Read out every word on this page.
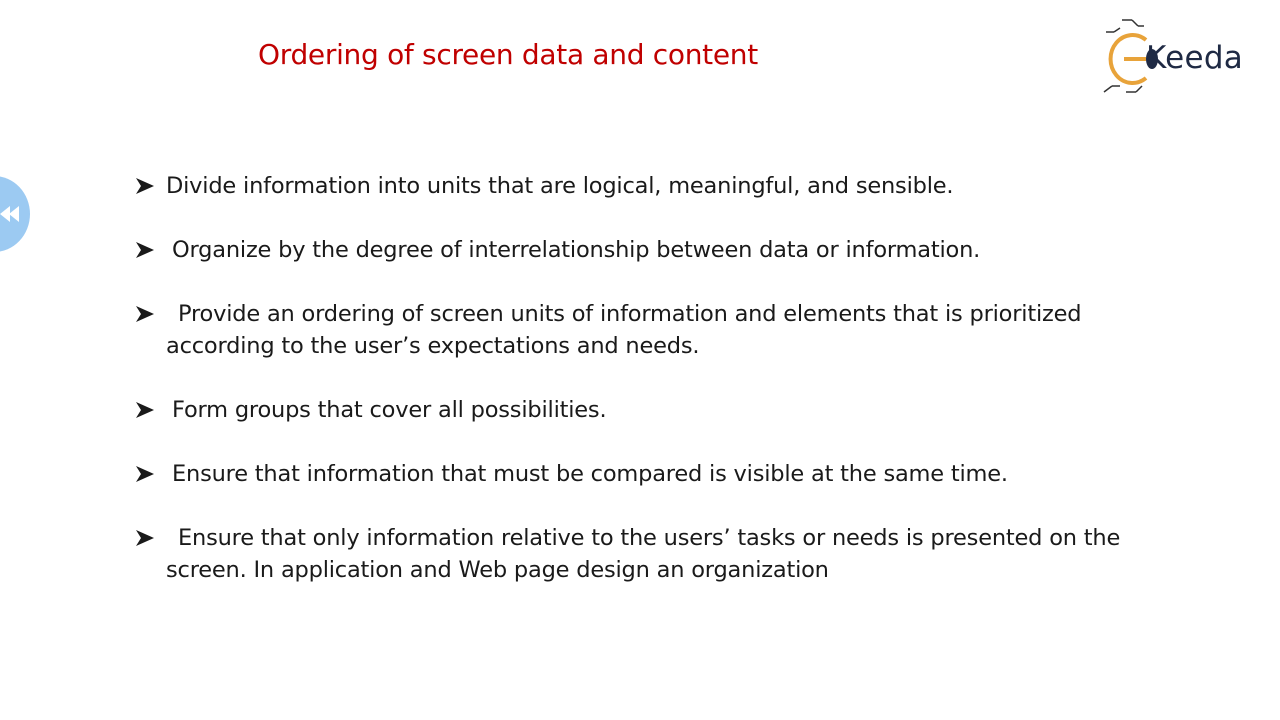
Ordering of screen data and content	Keeda
Divide information into units that are logical, meaningful, and sensible.
Organize by the degree of interrelationship between data or information.
Provide an ordering of screen units of information and elements that is prioritized
according to the user’s expectations and needs.
Form groups that cover all possibilities.
Ensure that information that must be compared is visible at the same time.
Ensure that only information relative to the users’ tasks or needs is presented on the
screen. In application and Web page design an organization
